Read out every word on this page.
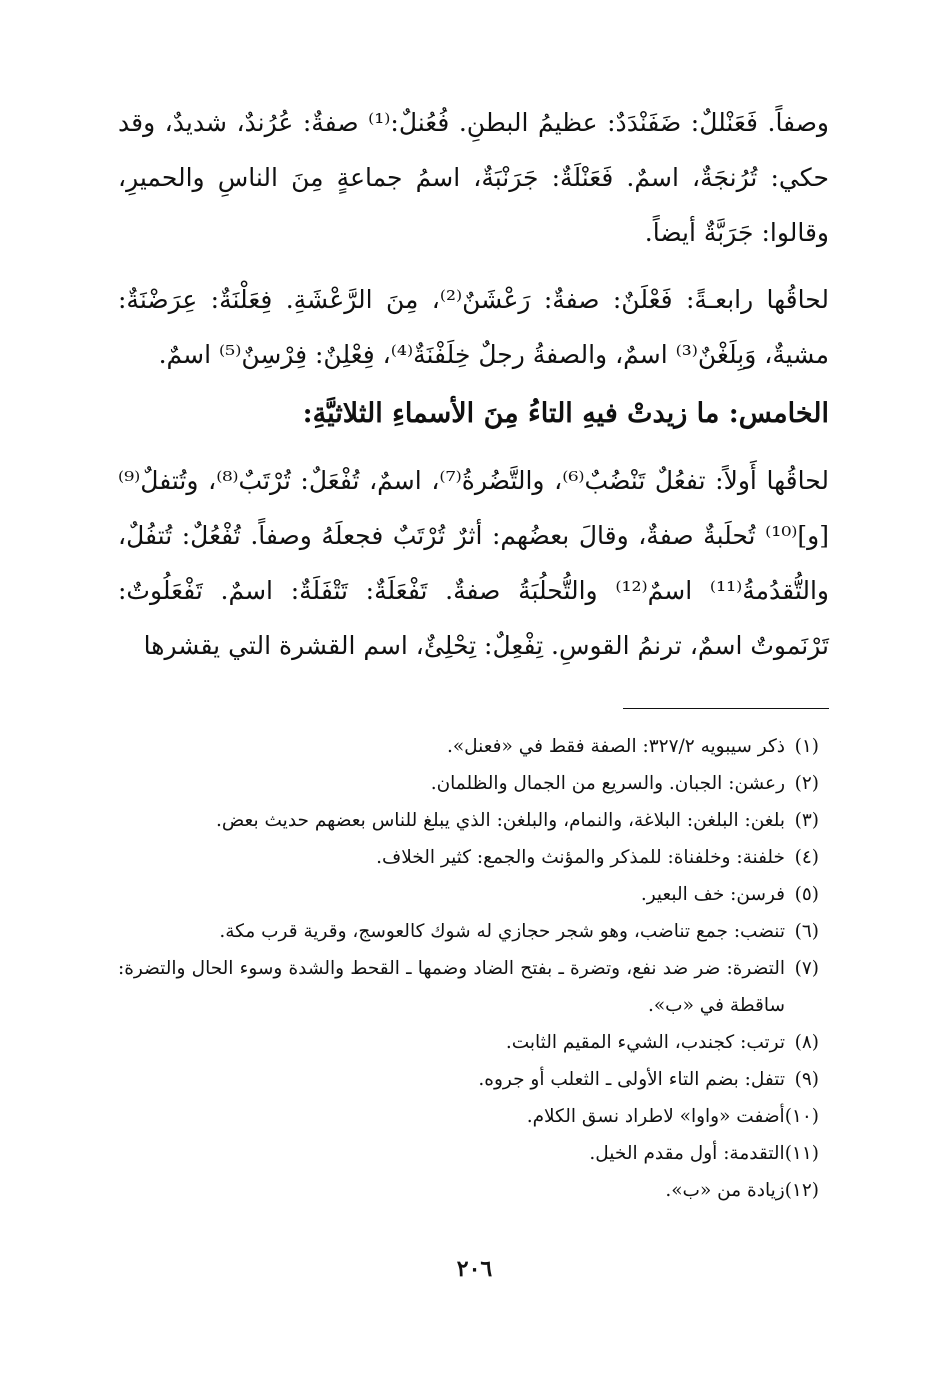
وصفاً. فَعَنْللٌ: ضَفَنْدَدٌ: عظيمُ البطنِ. فُعُنلٌ:⁽¹⁾ صفةٌ: عُرُندٌ، شديدٌ، وقد حكي: تُرُنجَةٌ، اسمٌ. فَعَنْلَةٌ: جَرَنْبَةٌ، اسمُ جماعةٍ مِنَ الناسِ والحميرِ، وقالوا: جَرَبَّةٌ أيضاً.

لحاقُها رابعـةً: فَعْلَنٌ: صفةٌ: رَعْشَنٌ⁽²⁾، مِنَ الرَّعْشَةِ. فِعَلْنَةٌ: عِرَضْنَةٌ: مشيةٌ، وَبِلَغْنٌ⁽³⁾ اسمٌ، والصفةُ رجلٌ خِلَفْنَةٌ⁽⁴⁾، فِعْلِنٌ: فِرْسِنٌ⁽⁵⁾ اسمٌ.

الخامس: ما زيدتْ فيهِ التاءُ مِنَ الأسماءِ الثلاثيَّةِ:

لحاقُها أَولاً: تفعُلٌ تَنْضُبٌ⁽⁶⁾، والتَّضُرةُ⁽⁷⁾، اسمٌ، تُفْعَلٌ: تُرْتَبٌ⁽⁸⁾، وتُتفلٌ⁽⁹⁾ [و]⁽¹⁰⁾ تُحلَبةٌ صفةٌ، وقالَ بعضُهم: أثرٌ تُرْتَبٌ فجعلَهُ وصفاً. تُفْعُلٌ: تُتفُلٌ، والتُّقدُمةُ⁽¹¹⁾ اسمٌ⁽¹²⁾ والتُّحلُبَةُ صفةٌ. تَفْعَلَةٌ: تَتْفَلَةٌ: اسمٌ. تَفْعَلُوتٌ: تَرْنَموتٌ اسمٌ، ترنمُ القوسِ. تِفْعِلٌ: تِحْلِئٌ، اسم القشرة التي يقشرها

(١)
ذكر سيبويه ٣٢٧/٢: الصفة فقط في «فعنل».
(٢)
رعشن: الجبان. والسريع من الجمال والظلمان.
(٣)
بلغن: البلغن: البلاغة، والنمام، والبلغن: الذي يبلغ للناس بعضهم حديث بعض.
(٤)
خلفنة: وخلفناة: للمذكر والمؤنث والجمع: كثير الخلاف.
(٥)
فرسن: خف البعير.
(٦)
تنضب: جمع تناضب، وهو شجر حجازي له شوك كالعوسج، وقرية قرب مكة.
(٧)
التضرة: ضر ضد نفع، وتضرة ـ بفتح الضاد وضمها ـ القحط والشدة وسوء الحال والتضرة: ساقطة في «ب».
(٨)
ترتب: كجندب، الشيء المقيم الثابت.
(٩)
تتفل: بضم التاء الأولى ـ الثعلب أو جروه.
(١٠)
أضفت «واوا» لاطراد نسق الكلام.
(١١)
التقدمة: أول مقدم الخيل.
(١٢)
زيادة من «ب».
٢٠٦
